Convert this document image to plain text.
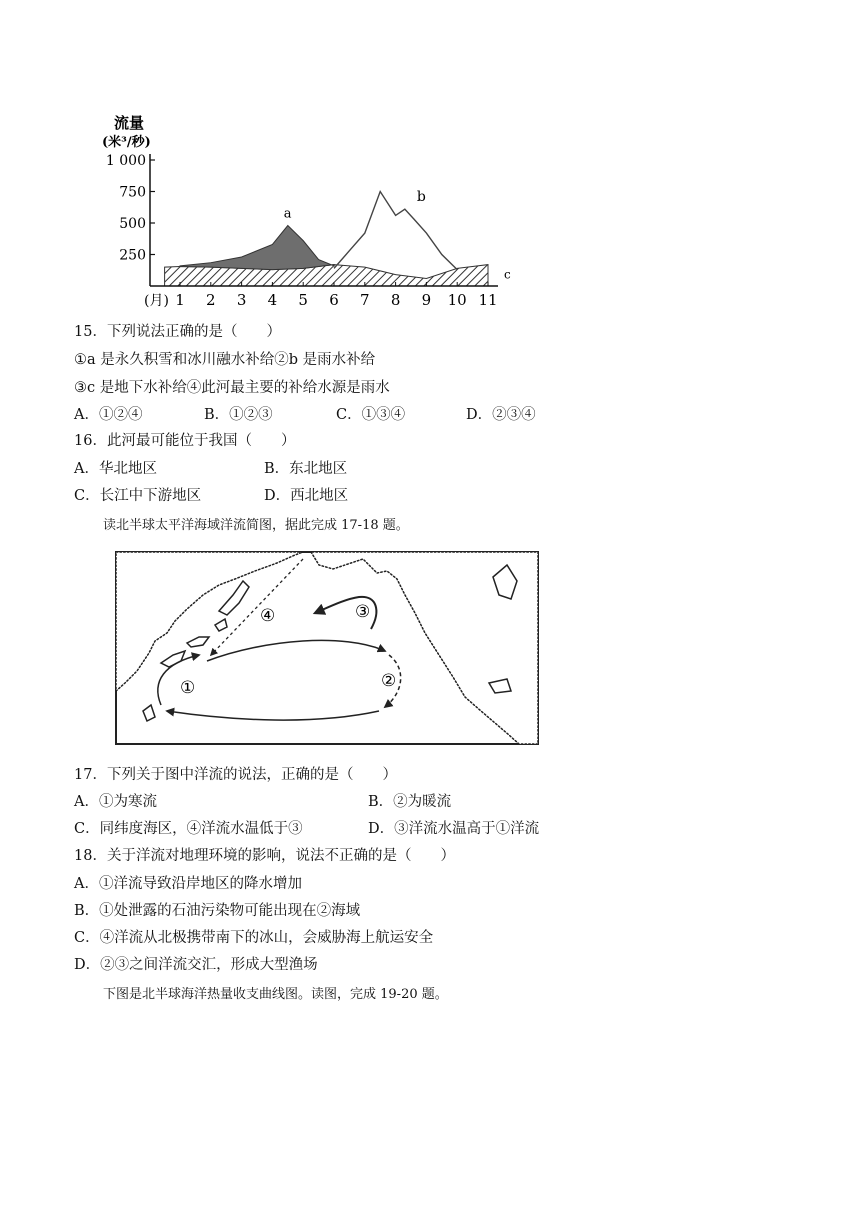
流量
(米³/秒)
a
b
c
250
500
750
1 000
(月) 1 2 3 4 5 6 7 8 9 10 11
15．下列说法正确的是（　　）
①a 是永久积雪和冰川融水补给②b 是雨水补给
③c 是地下水补给④此河最主要的补给水源是雨水
A．①②④	B．①②③	C．①③④	D．②③④
16．此河最可能位于我国（　　）
A．华北地区	B．东北地区
C．长江中下游地区	D．西北地区
读北半球太平洋海域洋流简图，据此完成 17-18 题。
①	②
③
④
17．下列关于图中洋流的说法，正确的是（　　）
A．①为寒流	B．②为暖流
C．同纬度海区，④洋流水温低于③	D．③洋流水温高于①洋流
18．关于洋流对地理环境的影响，说法不正确的是（　　）
A．①洋流导致沿岸地区的降水增加
B．①处泄露的石油污染物可能出现在②海域
C．④洋流从北极携带南下的冰山，会威胁海上航运安全
D．②③之间洋流交汇，形成大型渔场
下图是北半球海洋热量收支曲线图。读图，完成 19-20 题。
